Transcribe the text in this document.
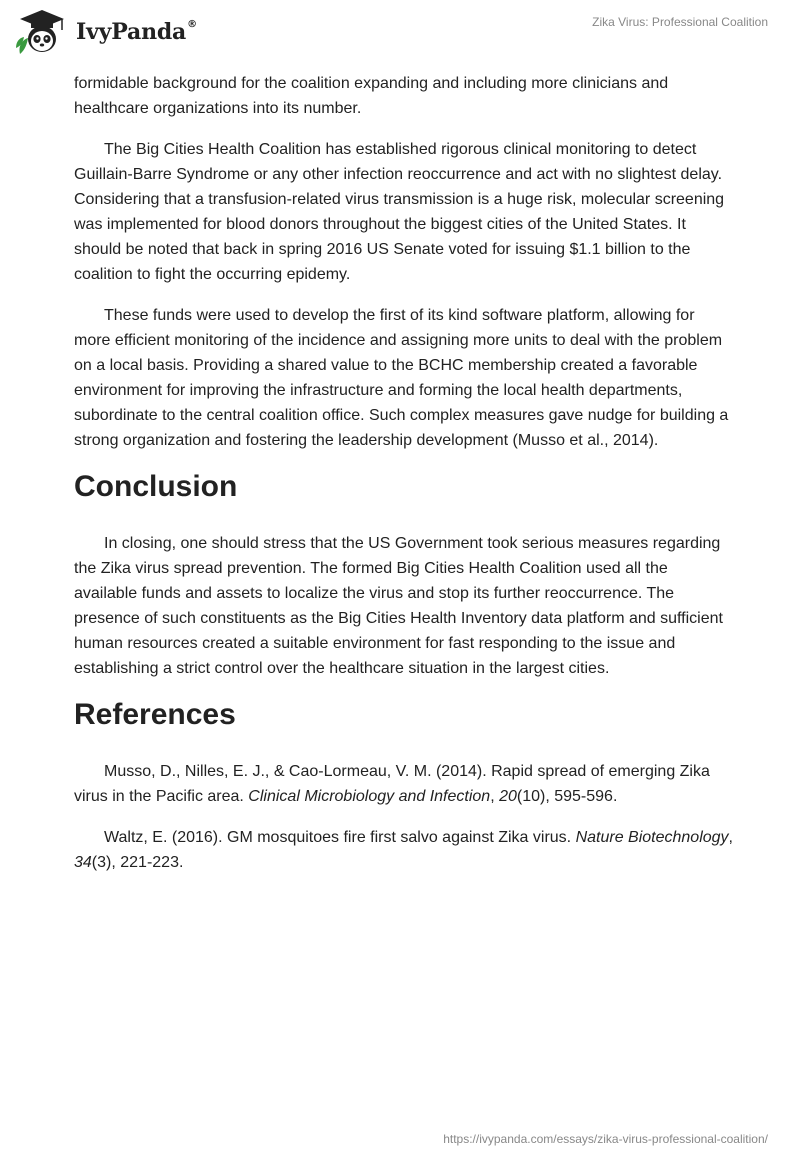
IvyPanda®	Zika Virus: Professional Coalition

formidable background for the coalition expanding and including more clinicians and healthcare organizations into its number.

The Big Cities Health Coalition has established rigorous clinical monitoring to detect Guillain-Barre Syndrome or any other infection reoccurrence and act with no slightest delay. Considering that a transfusion-related virus transmission is a huge risk, molecular screening was implemented for blood donors throughout the biggest cities of the United States. It should be noted that back in spring 2016 US Senate voted for issuing $1.1 billion to the coalition to fight the occurring epidemy.

These funds were used to develop the first of its kind software platform, allowing for more efficient monitoring of the incidence and assigning more units to deal with the problem on a local basis. Providing a shared value to the BCHC membership created a favorable environment for improving the infrastructure and forming the local health departments, subordinate to the central coalition office. Such complex measures gave nudge for building a strong organization and fostering the leadership development (Musso et al., 2014).

Conclusion

In closing, one should stress that the US Government took serious measures regarding the Zika virus spread prevention. The formed Big Cities Health Coalition used all the available funds and assets to localize the virus and stop its further reoccurrence. The presence of such constituents as the Big Cities Health Inventory data platform and sufficient human resources created a suitable environment for fast responding to the issue and establishing a strict control over the healthcare situation in the largest cities.

References

Musso, D., Nilles, E. J., & Cao-Lormeau, V. M. (2014). Rapid spread of emerging Zika virus in the Pacific area. Clinical Microbiology and Infection, 20(10), 595-596.

Waltz, E. (2016). GM mosquitoes fire first salvo against Zika virus. Nature Biotechnology, 34(3), 221-223.

https://ivypanda.com/essays/zika-virus-professional-coalition/
